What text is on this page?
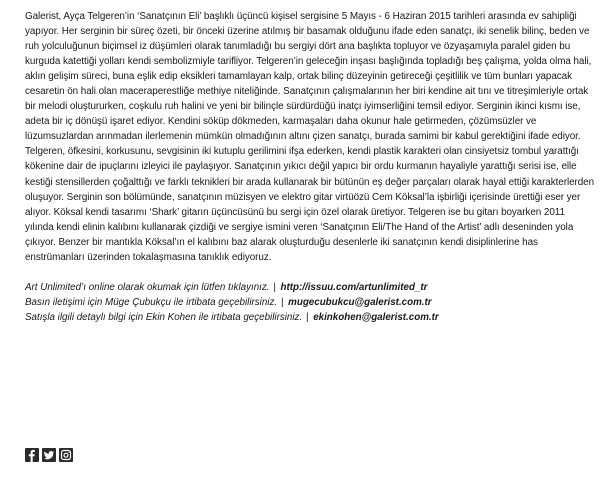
Galerist, Ayça Telgeren’in ‘Sanatçının Eli’ başlıklı üçüncü kişisel sergisine 5 Mayıs - 6 Haziran 2015 tarihleri arasında ev sahipliği yapıyor. Her serginin bir süreç özeti, bir önceki üzerine atılmış bir basamak olduğunu ifade eden sanatçı, iki senelik bilinç, beden ve ruh yolculuğunun biçimsel iz düşümleri olarak tanımladığı bu sergiyi dört ana başlıkta topluyor ve özyaşamıyla paralel giden bu kurguda katettiği yolları kendi sembolizmiyle tarifliyor. Telgeren’in geleceğin inşası başlığında topladığı beş çalışma, yolda olma hali, aklın gelişim süreci, buna eşlik edip eksikleri tamamlayan kalp, ortak bilinç düzeyinin getireceği çeşitlilik ve tüm bunları yapacak cesaretin ön hali olan maceraperestliğe methiye niteliğinde. Sanatçının çalışmalarının her biri kendine ait tını ve titreşimleriyle ortak bir melodi oluştururken, coşkulu ruh halini ve yeni bir bilinçle sürdürdüğü inatçı iyimserliğini temsil ediyor. Serginin ikinci kısmı ise, adeta bir iç dönüşü işaret ediyor. Kendini söküp dökmeden, karmaşaları daha okunur hale getirmeden, çözümsüzler ve lüzumsuzlardan arınmadan ilerlemenin mümkün olmadığının altını çizen sanatçı, burada samimi bir kabul gerektiğini ifade ediyor. Telgeren, öfkesini, korkusunu, sevgisinin iki kutuplu gerilimini ifşa ederken, kendi plastik karakteri olan cinsiyetsiz tombul yarattığı kökenine dair de ipuçlarını izleyici ile paylaşıyor. Sanatçının yıkıcı değil yapıcı bir ordu kurmanın hayaliyle yarattığı serisi ise, elle kestiği stensillerden çoğalttığı ve farklı teknikleri bir arada kullanarak bir bütünün eş değer parçaları olarak hayal ettiği karakterlerden oluşuyor. Serginin son bölümünde, sanatçının müzisyen ve elektro gitar virtüözü Cem Köksal’la işbirliği içerisinde ürettiği eser yer alıyor. Köksal kendi tasarımı ‘Shark’ gitarın üçüncüsünü bu sergi için özel olarak üretiyor. Telgeren ise bu gitarı boyarken 2011 yılında kendi elinin kalıbını kullanarak çizdiği ve sergiye ismini veren ‘Sanatçının Eli/The Hand of the Artist’ adlı deseninden yola çıkıyor. Benzer bir mantıkla Köksal’ın el kalıbını baz alarak oluşturduğu desenlerle iki sanatçının kendi disiplinlerine has enstrümanları üzerinden tokalaşmasına tanıklık ediyoruz.

Art Unlimited’ı online olarak okumak için lütfen tıklayınız. | http://issuu.com/artunlimited_tr
Basın iletişimi için Müge Çubukçu ile irtibata geçebilirsiniz. | mugecubukcu@galerist.com.tr
Satışla ilgili detaylı bilgi için Ekin Kohen ile irtibata geçebilirsiniz. | ekinkohen@galerist.com.tr
